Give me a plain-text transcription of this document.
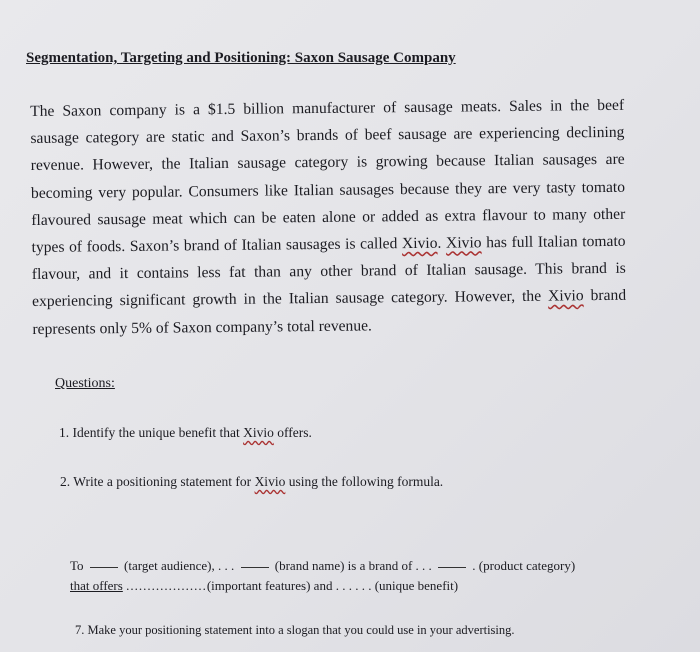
Segmentation, Targeting and Positioning: Saxon Sausage Company
The Saxon company is a $1.5 billion manufacturer of sausage meats. Sales in the beef
sausage category are static and Saxon’s brands of beef sausage are experiencing declining
revenue. However, the Italian sausage category is growing because Italian sausages are
becoming very popular. Consumers like Italian sausages because they are very tasty tomato
flavoured sausage meat which can be eaten alone or added as extra flavour to many other
types of foods. Saxon’s brand of Italian sausages is called Xivio. Xivio has full Italian tomato
flavour, and it contains less fat than any other brand of Italian sausage. This brand is
experiencing significant growth in the Italian sausage category. However, the Xivio brand
represents only 5% of Saxon company’s total revenue.
Questions:
1. Identify the unique benefit that Xivio offers.
2. Write a positioning statement for Xivio using the following formula.
To	(target audience), . . .	(brand name) is a brand of . . .	. (product category)
that offers ...................(important features) and . . . . . . (unique benefit)
7. Make your positioning statement into a slogan that you could use in your advertising.
